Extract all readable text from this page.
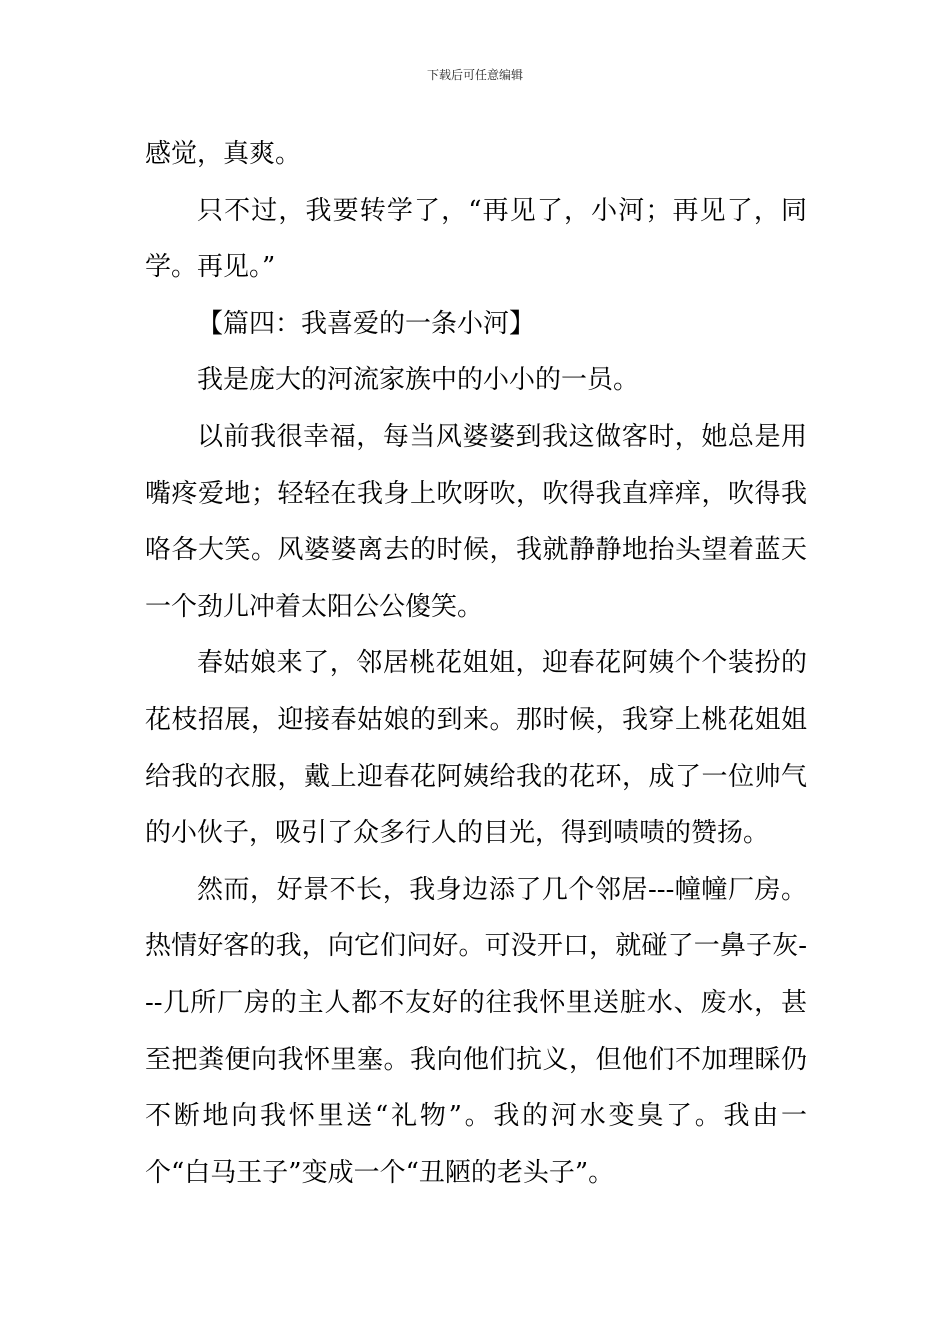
下载后可任意编辑

感觉，真爽。

只不过，我要转学了，“再见了，小河；再见了，同学。再见。”

【篇四：我喜爱的一条小河】

我是庞大的河流家族中的小小的一员。

以前我很幸福，每当风婆婆到我这做客时，她总是用嘴疼爱地；轻轻在我身上吹呀吹，吹得我直痒痒，吹得我咯各大笑。风婆婆离去的时候，我就静静地抬头望着蓝天一个劲儿冲着太阳公公傻笑。

春姑娘来了，邻居桃花姐姐，迎春花阿姨个个装扮的花枝招展，迎接春姑娘的到来。那时候，我穿上桃花姐姐给我的衣服，戴上迎春花阿姨给我的花环，成了一位帅气的小伙子，吸引了众多行人的目光，得到啧啧的赞扬。

然而，好景不长，我身边添了几个邻居---幢幢厂房。热情好客的我，向它们问好。可没开口，就碰了一鼻子灰---几所厂房的主人都不友好的往我怀里送脏水、废水，甚至把粪便向我怀里塞。我向他们抗义，但他们不加理睬仍不断地向我怀里送“礼物”。我的河水变臭了。我由一个“白马王子”变成一个“丑陋的老头子”。
